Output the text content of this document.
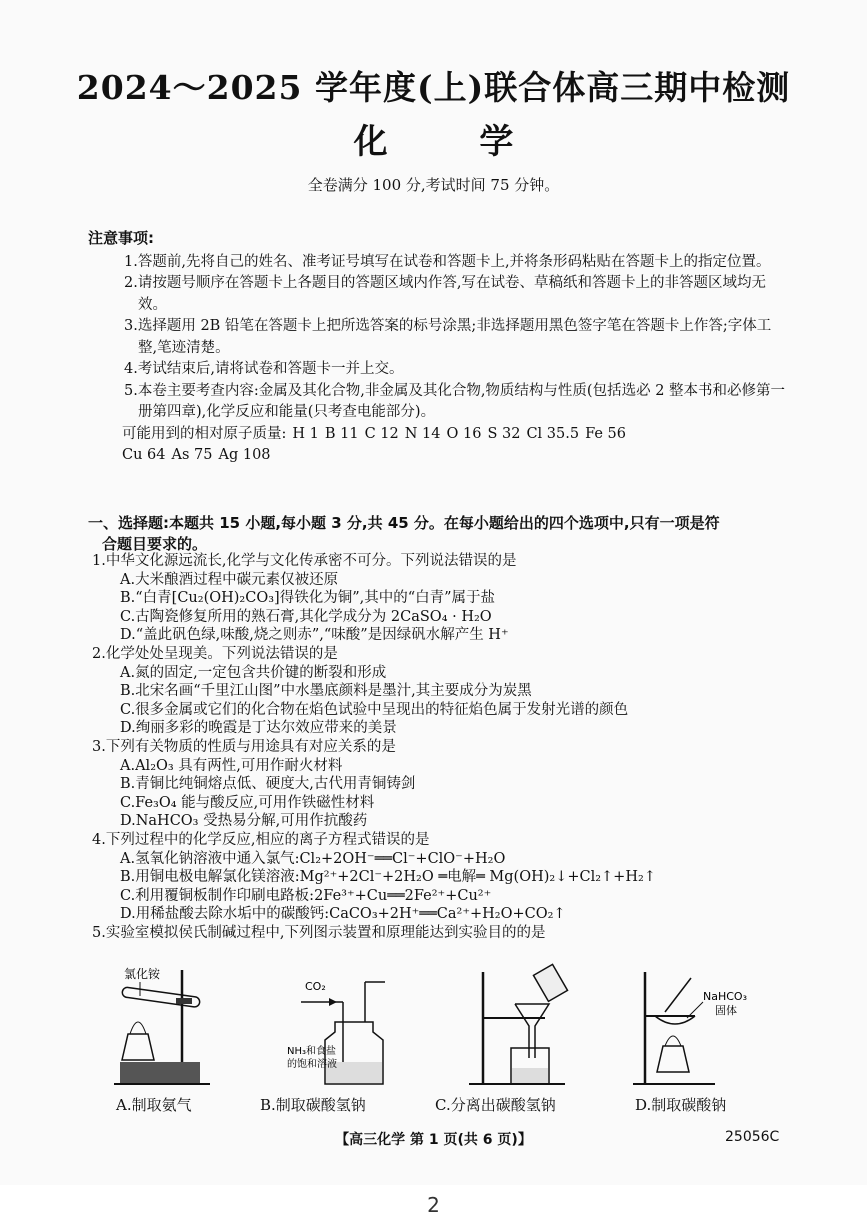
2024～2025 学年度(上)联合体高三期中检测
化 学
全卷满分 100 分,考试时间 75 分钟。
注意事项:
1.答题前,先将自己的姓名、准考证号填写在试卷和答题卡上,并将条形码粘贴在答题卡上的指定位置。
2.请按题号顺序在答题卡上各题目的答题区域内作答,写在试卷、草稿纸和答题卡上的非答题区域均无效。
3.选择题用 2B 铅笔在答题卡上把所选答案的标号涂黑;非选择题用黑色签字笔在答题卡上作答;字体工整,笔迹清楚。
4.考试结束后,请将试卷和答题卡一并上交。
5.本卷主要考查内容:金属及其化合物,非金属及其化合物,物质结构与性质(包括选必 2 整本书和必修第一册第四章),化学反应和能量(只考查电能部分)。
可能用到的相对原子质量: H 1 B 11 C 12 N 14 O 16 S 32 Cl 35.5 Fe 56
Cu 64 As 75 Ag 108
一、选择题:本题共 15 小题,每小题 3 分,共 45 分。在每小题给出的四个选项中,只有一项是符
合题目要求的。
1.中华文化源远流长,化学与文化传承密不可分。下列说法错误的是
A.大米酿酒过程中碳元素仅被还原
B.“白青[Cu₂(OH)₂CO₃]得铁化为铜”,其中的“白青”属于盐
C.古陶瓷修复所用的熟石膏,其化学成分为 2CaSO₄ · H₂O
D.“盖此矾色绿,味酸,烧之则赤”,“味酸”是因绿矾水解产生 H⁺
2.化学处处呈现美。下列说法错误的是
A.氮的固定,一定包含共价键的断裂和形成
B.北宋名画“千里江山图”中水墨底颜料是墨汁,其主要成分为炭黑
C.很多金属或它们的化合物在焰色试验中呈现出的特征焰色属于发射光谱的颜色
D.绚丽多彩的晚霞是丁达尔效应带来的美景
3.下列有关物质的性质与用途具有对应关系的是
A.Al₂O₃ 具有两性,可用作耐火材料
B.青铜比纯铜熔点低、硬度大,古代用青铜铸剑
C.Fe₃O₄ 能与酸反应,可用作铁磁性材料
D.NaHCO₃ 受热易分解,可用作抗酸药
4.下列过程中的化学反应,相应的离子方程式错误的是
A.氢氧化钠溶液中通入氯气:Cl₂+2OH⁻══Cl⁻+ClO⁻+H₂O
B.用铜电极电解氯化镁溶液:Mg²⁺+2Cl⁻+2H₂O ═电解═ Mg(OH)₂↓+Cl₂↑+H₂↑
C.利用覆铜板制作印刷电路板:2Fe³⁺+Cu══2Fe²⁺+Cu²⁺
D.用稀盐酸去除水垢中的碳酸钙:CaCO₃+2H⁺══Ca²⁺+H₂O+CO₂↑
5.实验室模拟侯氏制碱过程中,下列图示装置和原理能达到实验目的的是
氯化铵
A.制取氨气
CO₂
NH₃和食盐
的饱和溶液
B.制取碳酸氢钠	C.分离出碳酸氢钠
NaHCO₃
固体
D.制取碳酸钠
【高三化学 第 1 页(共 6 页)】	25056C
2
